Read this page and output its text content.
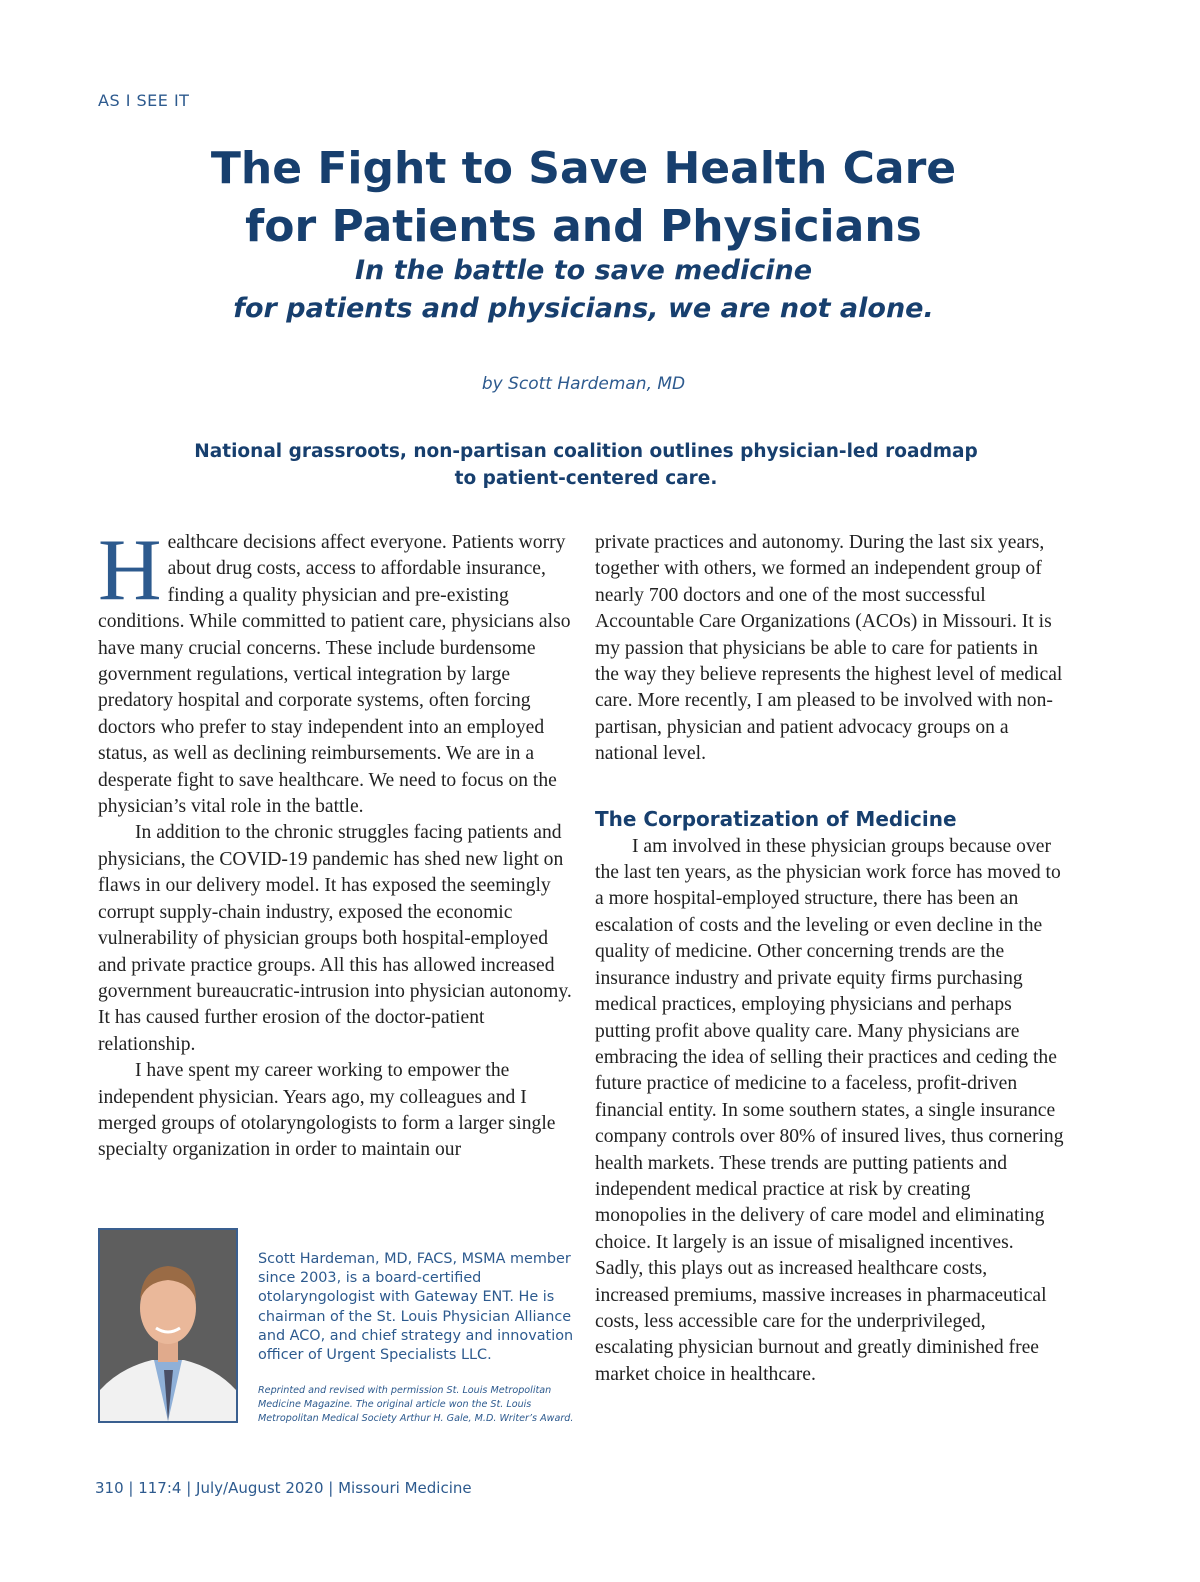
AS I SEE IT
The Fight to Save Health Care
for Patients and Physicians
In the battle to save medicine
for patients and physicians, we are not alone.
by Scott Hardeman, MD
National grassroots, non-partisan coalition outlines physician-led roadmap
to patient-centered care.

Healthcare decisions affect everyone. Patients worry about drug costs, access to affordable insurance, finding a quality physician and pre-existing conditions. While committed to patient care, physicians also have many crucial concerns. These include burdensome government regulations, vertical integration by large predatory hospital and corporate systems, often forcing doctors who prefer to stay independent into an employed status, as well as declining reimbursements. We are in a desperate fight to save healthcare. We need to focus on the physician’s vital role in the battle.

In addition to the chronic struggles facing patients and physicians, the COVID-19 pandemic has shed new light on flaws in our delivery model. It has exposed the seemingly corrupt supply-chain industry, exposed the economic vulnerability of physician groups both hospital-employed and private practice groups. All this has allowed increased government bureaucratic-intrusion into physician autonomy. It has caused further erosion of the doctor-patient relationship.

I have spent my career working to empower the independent physician. Years ago, my colleagues and I merged groups of otolaryngologists to form a larger single specialty organization in order to maintain our

private practices and autonomy. During the last six years, together with others, we formed an independent group of nearly 700 doctors and one of the most successful Accountable Care Organizations (ACOs) in Missouri. It is my passion that physicians be able to care for patients in the way they believe represents the highest level of medical care. More recently, I am pleased to be involved with non-partisan, physician and patient advocacy groups on a national level.

The Corporatization of Medicine

I am involved in these physician groups because over the last ten years, as the physician work force has moved to a more hospital-employed structure, there has been an escalation of costs and the leveling or even decline in the quality of medicine. Other concerning trends are the insurance industry and private equity firms purchasing medical practices, employing physicians and perhaps putting profit above quality care. Many physicians are embracing the idea of selling their practices and ceding the future practice of medicine to a faceless, profit-driven financial entity. In some southern states, a single insurance company controls over 80% of insured lives, thus cornering health markets. These trends are putting patients and independent medical practice at risk by creating monopolies in the delivery of care model and eliminating choice. It largely is an issue of misaligned incentives. Sadly, this plays out as increased healthcare costs, increased premiums, massive increases in pharmaceutical costs, less accessible care for the underprivileged, escalating physician burnout and greatly diminished free market choice in healthcare.

Scott Hardeman, MD, FACS, MSMA member since 2003, is a board-certified otolaryngologist with Gateway ENT. He is chairman of the St. Louis Physician Alliance and ACO, and chief strategy and innovation officer of Urgent Specialists LLC.
Reprinted and revised with permission St. Louis Metropolitan Medicine Magazine. The original article won the St. Louis Metropolitan Medical Society Arthur H. Gale, M.D. Writer’s Award.
310 | 117:4 | July/August 2020 | Missouri Medicine
